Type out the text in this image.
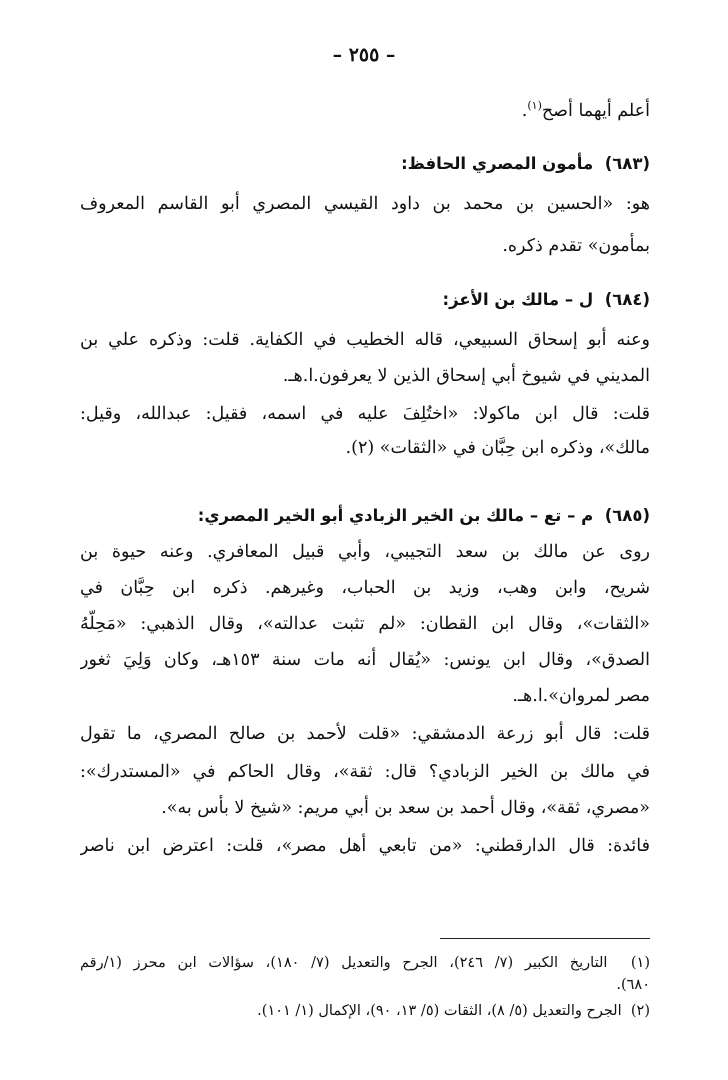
– ٢٥٥ –
أعلم أيهما أصح$^{(١)}$.
(٦٨٣)  مأمون المصري الحافظ:
هو: «الحسين بن محمد بن داود القيسي المصري أبو القاسم المعروف
بمأمون» تقدم ذكره.
(٦٨٤)  ل – مالك بن الأعز:
وعنه أبو إسحاق السبيعي، قاله الخطيب في الكفاية. قلت: وذكره علي بن
المديني في شيوخ أبي إسحاق الذين لا يعرفون.ا.هـ.
قلت: قال ابن ماكولا: «اختُلِفَ عليه في اسمه، فقيل: عبدالله، وقيل:
مالك»، وذكره ابن حِبَّان في «الثقات» (٢).
(٦٨٥)  م – تع – مالك بن الخير الزبادي أبو الخير المصري:
روى عن مالك بن سعد التجيبي، وأبي قبيل المعافري. وعنه حيوة بن
شريح، وابن وهب، وزيد بن الحباب، وغيرهم. ذكره ابن حِبَّان في
«الثقات»، وقال ابن القطان: «لم تثبت عدالته»، وقال الذهبي: «مَحِلُّهُ
الصدق»، وقال ابن يونس: «يُقال أنه مات سنة ١٥٣هـ، وكان وَلِيَ ثغور
مصر لمروان».ا.هـ.
قلت: قال أبو زرعة الدمشقي: «قلت لأحمد بن صالح المصري، ما تقول
في مالك بن الخير الزبادي؟ قال: ثقة»، وقال الحاكم في «المستدرك»:
«مصري، ثقة»، وقال أحمد بن سعد بن أبي مريم: «شيخ لا بأس به».
فائدة: قال الدارقطني: «من تابعي أهل مصر»، قلت: اعترض ابن ناصر
(١)  التاريخ الكبير (٧/ ٢٤٦)، الجرح والتعديل (٧/ ١٨٠)، سؤالات ابن محرز (١/رقم
٦٨٠).
(٢)  الجرح والتعديل (٥/ ٨)، الثقات (٥/ ١٣، ٩٠)، الإكمال (١/ ١٠١).
